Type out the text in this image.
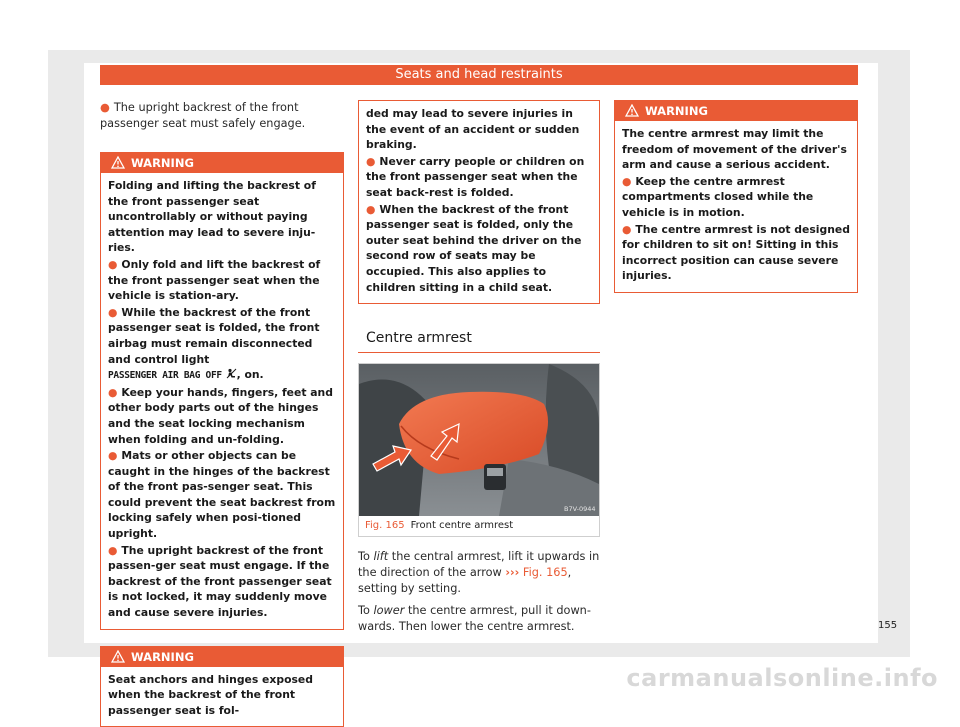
Seats and head restraints

● The upright backrest of the front passenger seat must safely engage.

WARNING

Folding and lifting the backrest of the front passenger seat uncontrollably or without paying attention may lead to severe inju-ries.

● Only fold and lift the backrest of the front passenger seat when the vehicle is station-ary.

● While the backrest of the front passenger seat is folded, the front airbag must remain disconnected and control light
PASSENGER AIR BAG OFF , on.

● Keep your hands, fingers, feet and other body parts out of the hinges and the seat locking mechanism when folding and un-folding.

● Mats or other objects can be caught in the hinges of the backrest of the front pas-senger seat. This could prevent the seat backrest from locking safely when posi-tioned upright.

● The upright backrest of the front passen-ger seat must engage. If the backrest of the front passenger seat is not locked, it may suddenly move and cause severe injuries.

WARNING

Seat anchors and hinges exposed when the backrest of the front passenger seat is fol-

ded may lead to severe injuries in the event of an accident or sudden braking.

● Never carry people or children on the front passenger seat when the seat back-rest is folded.

● When the backrest of the front passenger seat is folded, only the outer seat behind the driver on the second row of seats may be occupied. This also applies to children sitting in a child seat.

Centre armrest
B7V-0944
Fig. 165 Front centre armrest

To lift the central armrest, lift it upwards in the direction of the arrow ››› Fig. 165, setting by setting.

To lower the centre armrest, pull it down-wards. Then lower the centre armrest.

WARNING

The centre armrest may limit the freedom of movement of the driver's arm and cause a serious accident.

● Keep the centre armrest compartments closed while the vehicle is in motion.

● The centre armrest is not designed for children to sit on! Sitting in this incorrect position can cause severe injuries.

155
carmanualsonline.info
